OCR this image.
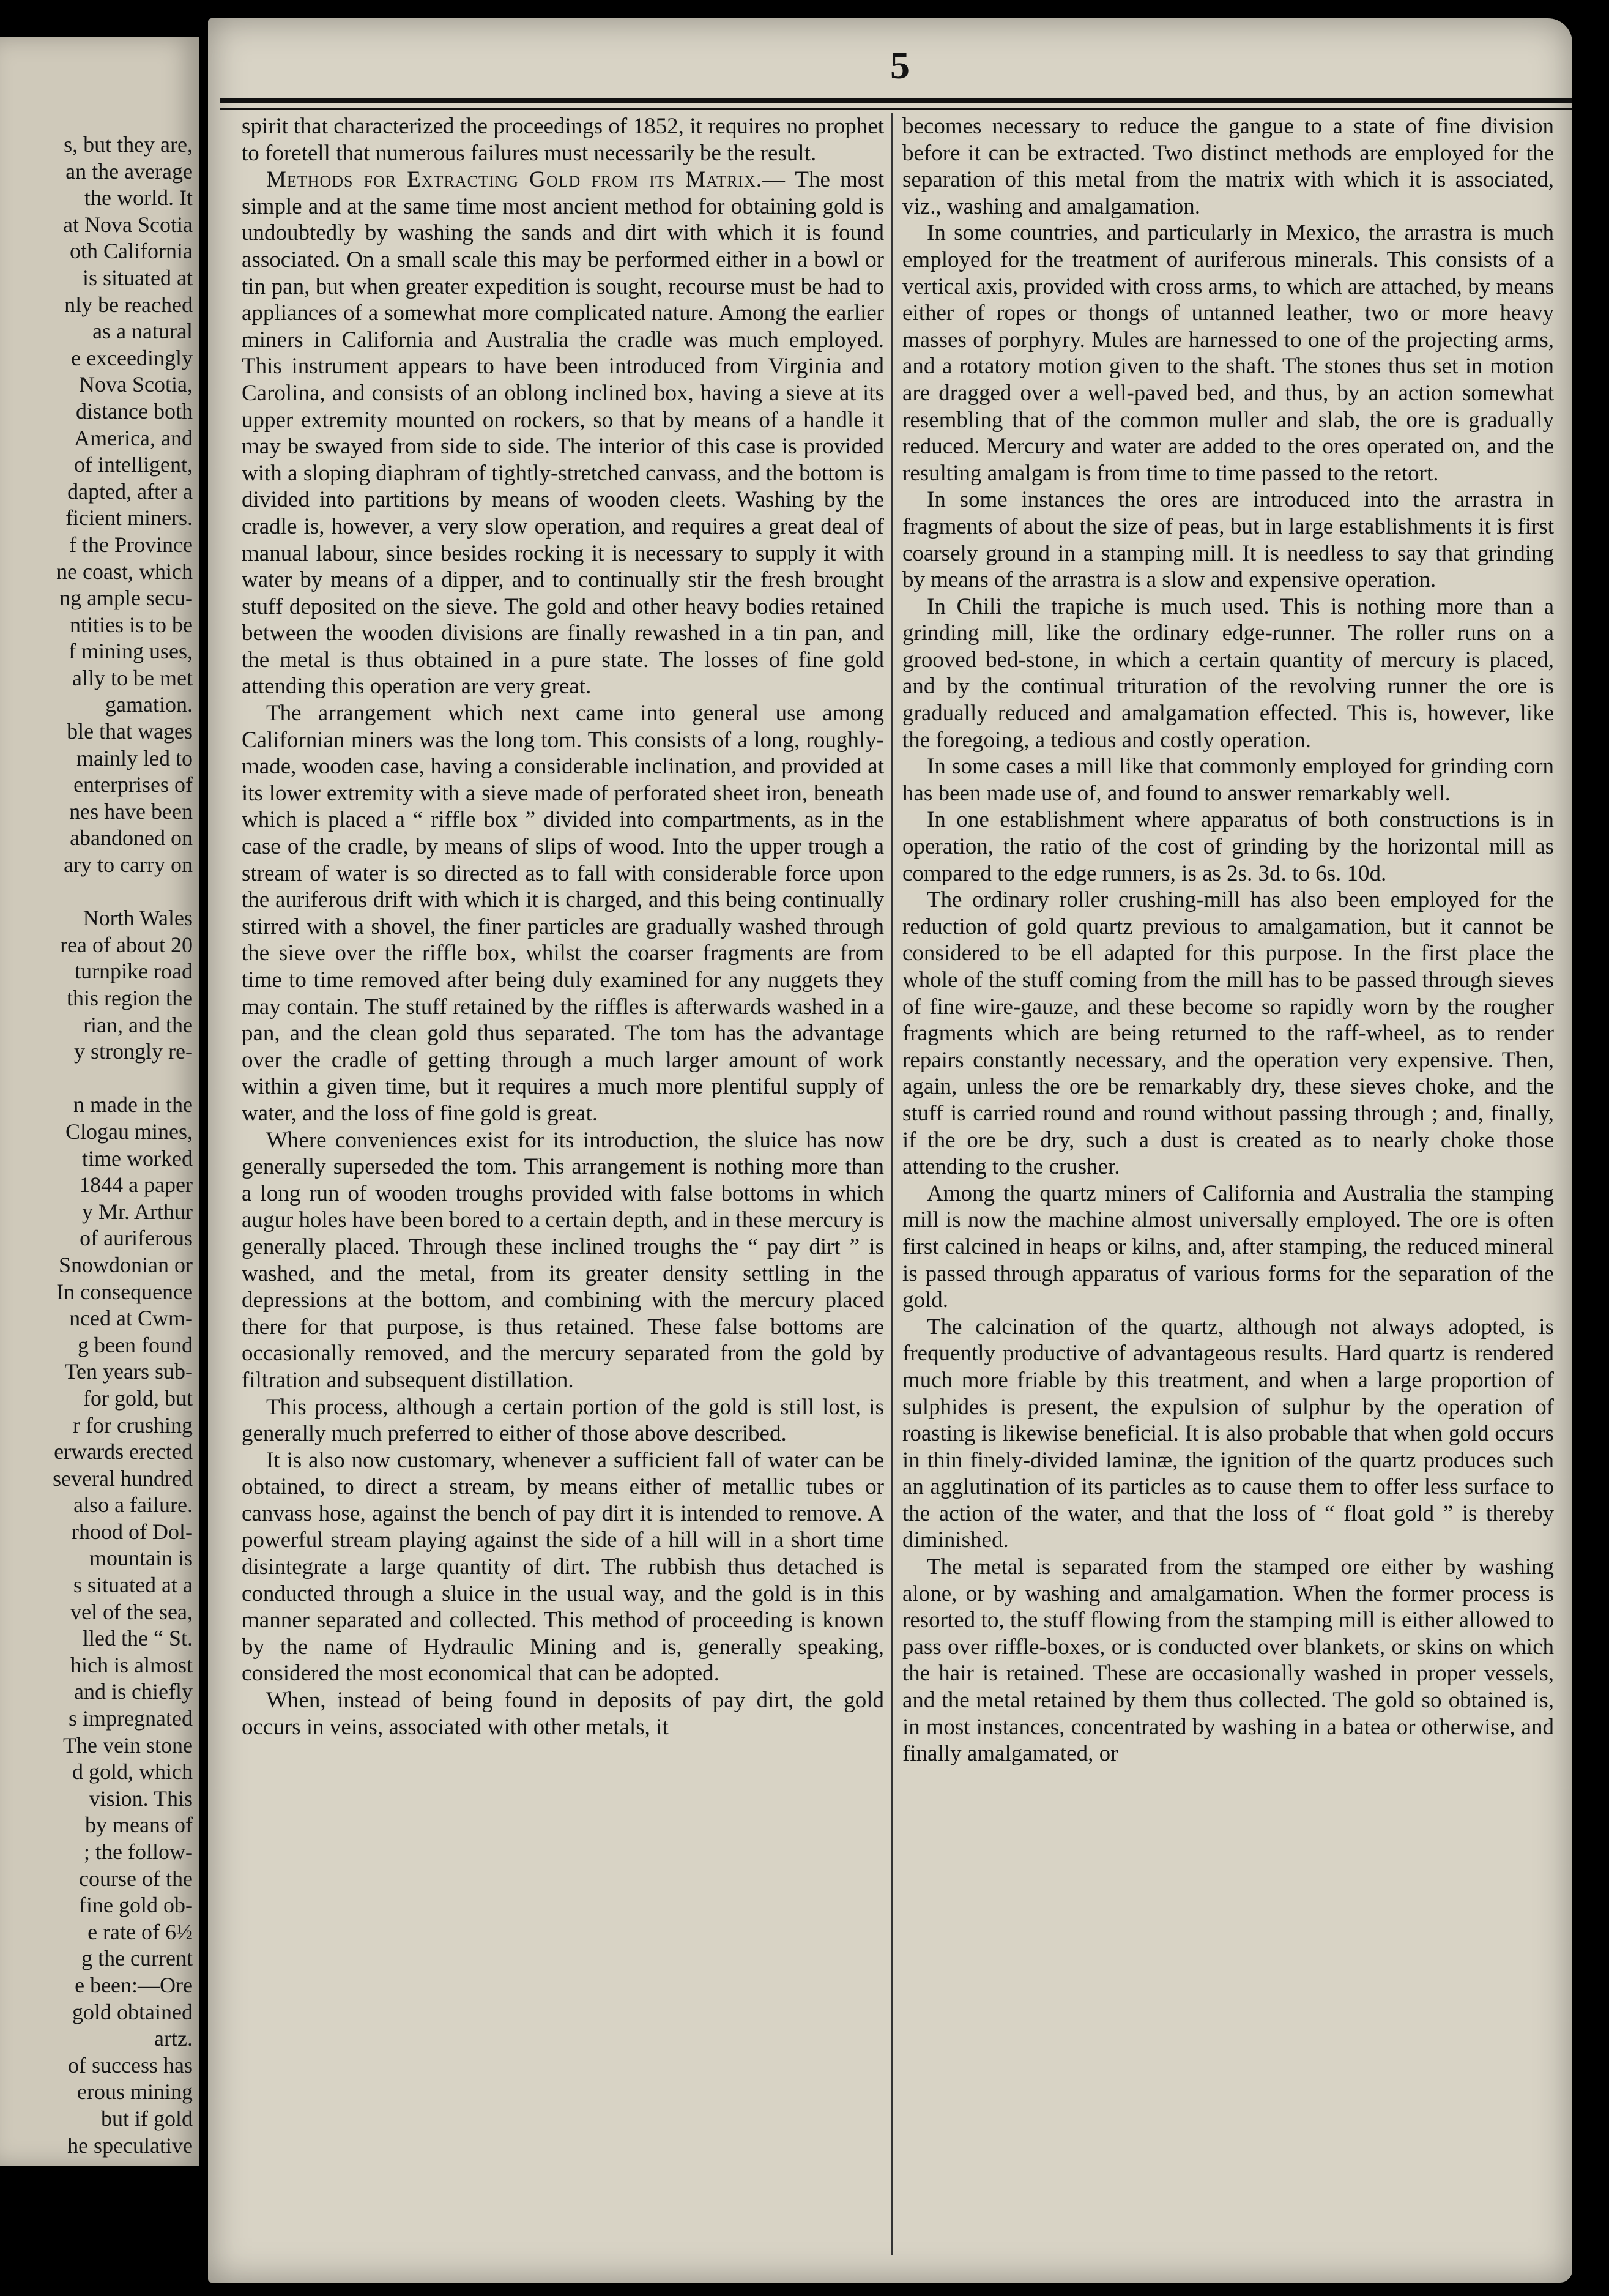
s, but they are,
an the average
the world. It
at Nova Scotia
oth California
is situated at
nly be reached
as a natural
e exceedingly
Nova Scotia,
distance both
America, and
of intelligent,
dapted, after a
ficient miners.
f the Province
ne coast, which
ng ample secu-
ntities is to be
f mining uses,
ally to be met
gamation.
ble that wages
mainly led to
enterprises of
nes have been
abandoned on
ary to carry on

North Wales
rea of about 20
turnpike road
this region the
rian, and the
y strongly re-

n made in the
Clogau mines,
time worked
1844 a paper
y Mr. Arthur
of auriferous
Snowdonian or
In consequence
nced at Cwm-
g been found
Ten years sub-
for gold, but
r for crushing
erwards erected
several hundred
also a failure.
rhood of Dol-
mountain is
s situated at a
vel of the sea,
lled the “ St.
hich is almost
and is chiefly
s impregnated
The vein stone
d gold, which
vision. This
by means of
; the follow-
course of the
fine gold ob-
e rate of 6½
g the current
e been:—Ore
gold obtained
artz.
of success has
erous mining
but if gold
he speculative
5

spirit that characterized the proceedings of 1852, it requires no prophet to foretell that numerous failures must necessarily be the result.

Methods for Extracting Gold from its Matrix.— The most simple and at the same time most ancient method for obtaining gold is undoubtedly by washing the sands and dirt with which it is found associated. On a small scale this may be performed either in a bowl or tin pan, but when greater expedition is sought, recourse must be had to appliances of a somewhat more complicated nature. Among the earlier miners in California and Australia the cradle was much employed. This instrument appears to have been introduced from Virginia and Carolina, and consists of an oblong inclined box, having a sieve at its upper extremity mounted on rockers, so that by means of a handle it may be swayed from side to side. The interior of this case is provided with a sloping diaphram of tightly-stretched canvass, and the bottom is divided into partitions by means of wooden cleets. Washing by the cradle is, however, a very slow operation, and requires a great deal of manual labour, since besides rocking it is necessary to supply it with water by means of a dipper, and to continually stir the fresh brought stuff deposited on the sieve. The gold and other heavy bodies retained between the wooden divisions are finally rewashed in a tin pan, and the metal is thus obtained in a pure state. The losses of fine gold attending this operation are very great.

The arrangement which next came into general use among Californian miners was the long tom. This consists of a long, roughly-made, wooden case, having a considerable inclination, and provided at its lower extremity with a sieve made of perforated sheet iron, beneath which is placed a “ riffle box ” divided into compartments, as in the case of the cradle, by means of slips of wood. Into the upper trough a stream of water is so directed as to fall with considerable force upon the auriferous drift with which it is charged, and this being continually stirred with a shovel, the finer particles are gradually washed through the sieve over the riffle box, whilst the coarser fragments are from time to time removed after being duly examined for any nuggets they may contain. The stuff retained by the riffles is afterwards washed in a pan, and the clean gold thus separated. The tom has the advantage over the cradle of getting through a much larger amount of work within a given time, but it requires a much more plentiful supply of water, and the loss of fine gold is great.

Where conveniences exist for its introduction, the sluice has now generally superseded the tom. This arrangement is nothing more than a long run of wooden troughs provided with false bottoms in which augur holes have been bored to a certain depth, and in these mercury is generally placed. Through these inclined troughs the “ pay dirt ” is washed, and the metal, from its greater density settling in the depressions at the bottom, and combining with the mercury placed there for that purpose, is thus retained. These false bottoms are occasionally removed, and the mercury separated from the gold by filtration and subsequent distillation.

This process, although a certain portion of the gold is still lost, is generally much preferred to either of those above described.

It is also now customary, whenever a sufficient fall of water can be obtained, to direct a stream, by means either of metallic tubes or canvass hose, against the bench of pay dirt it is intended to remove. A powerful stream playing against the side of a hill will in a short time disintegrate a large quantity of dirt. The rubbish thus detached is conducted through a sluice in the usual way, and the gold is in this manner separated and collected. This method of proceeding is known by the name of Hydraulic Mining and is, generally speaking, considered the most economical that can be adopted.

When, instead of being found in deposits of pay dirt, the gold occurs in veins, associated with other metals, it

becomes necessary to reduce the gangue to a state of fine division before it can be extracted. Two distinct methods are employed for the separation of this metal from the matrix with which it is associated, viz., washing and amalgamation.

In some countries, and particularly in Mexico, the arrastra is much employed for the treatment of auriferous minerals. This consists of a vertical axis, provided with cross arms, to which are attached, by means either of ropes or thongs of untanned leather, two or more heavy masses of porphyry. Mules are harnessed to one of the projecting arms, and a rotatory motion given to the shaft. The stones thus set in motion are dragged over a well-paved bed, and thus, by an action somewhat resembling that of the common muller and slab, the ore is gradually reduced. Mercury and water are added to the ores operated on, and the resulting amalgam is from time to time passed to the retort.

In some instances the ores are introduced into the arrastra in fragments of about the size of peas, but in large establishments it is first coarsely ground in a stamping mill. It is needless to say that grinding by means of the arrastra is a slow and expensive operation.

In Chili the trapiche is much used. This is nothing more than a grinding mill, like the ordinary edge-runner. The roller runs on a grooved bed-stone, in which a certain quantity of mercury is placed, and by the continual trituration of the revolving runner the ore is gradually reduced and amalgamation effected. This is, however, like the foregoing, a tedious and costly operation.

In some cases a mill like that commonly employed for grinding corn has been made use of, and found to answer remarkably well.

In one establishment where apparatus of both constructions is in operation, the ratio of the cost of grinding by the horizontal mill as compared to the edge runners, is as 2s. 3d. to 6s. 10d.

The ordinary roller crushing-mill has also been employed for the reduction of gold quartz previous to amalgamation, but it cannot be considered to be ell adapted for this purpose. In the first place the whole of the stuff coming from the mill has to be passed through sieves of fine wire-gauze, and these become so rapidly worn by the rougher fragments which are being returned to the raff-wheel, as to render repairs constantly necessary, and the operation very expensive. Then, again, unless the ore be remarkably dry, these sieves choke, and the stuff is carried round and round without passing through ; and, finally, if the ore be dry, such a dust is created as to nearly choke those attending to the crusher.

Among the quartz miners of California and Australia the stamping mill is now the machine almost universally employed. The ore is often first calcined in heaps or kilns, and, after stamping, the reduced mineral is passed through apparatus of various forms for the separation of the gold.

The calcination of the quartz, although not always adopted, is frequently productive of advantageous results. Hard quartz is rendered much more friable by this treatment, and when a large proportion of sulphides is present, the expulsion of sulphur by the operation of roasting is likewise beneficial. It is also probable that when gold occurs in thin finely-divided laminæ, the ignition of the quartz produces such an agglutination of its particles as to cause them to offer less surface to the action of the water, and that the loss of “ float gold ” is thereby diminished.

The metal is separated from the stamped ore either by washing alone, or by washing and amalgamation. When the former process is resorted to, the stuff flowing from the stamping mill is either allowed to pass over riffle-boxes, or is conducted over blankets, or skins on which the hair is retained. These are occasionally washed in proper vessels, and the metal retained by them thus collected. The gold so obtained is, in most instances, concentrated by washing in a batea or otherwise, and finally amalgamated, or
